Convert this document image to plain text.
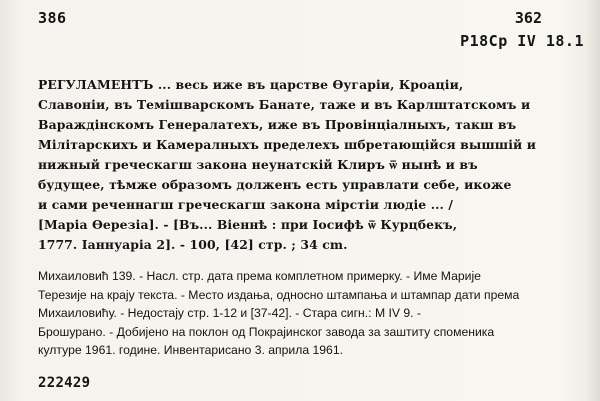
386	362
P18Cp IV 18.1
РЕГУЛАМЕНТЪ ... весь иже въ царстве Өугарiи, Кроацiи,
Славонiи, въ Темiшварскомъ Банате, таже и въ Карлштатскомъ и
Вараждiнскомъ Генералатехъ, иже въ Провiнцiалныхъ, такш въ
Мiлiтарскихъ и Камералныхъ пределехъ шбретающiйся вышшiй и
нижный греческагш закона неунатскiй Клиръ ѿ нынѣ и въ
будущее, тѣмже образомъ долженъ есть управлати себе, икоже
и сами реченнагш греческагш закона мiрстiи людiе ... /
[Марiа Өерезiа]. - [Въ... Вiеннѣ : при Iосифѣ ѿ Курцбекъ,
1777. Iаннуарiа 2]. - 100, [42] стр. ; 34 cm.
Михаиловић 139. - Насл. стр. дата према комплетном примерку. - Име Марије
Терезије на крају текста. - Место издања, односно штампања и штампар дати према
Михаиловићу. - Недостају стр. 1-12 и [37-42]. - Стара сигн.: М IV 9. -
Брошурано. - Добијено на поклон од Покрајинског завода за заштиту споменика
културе 1961. године. Инвентарисано 3. априла 1961.
222429
